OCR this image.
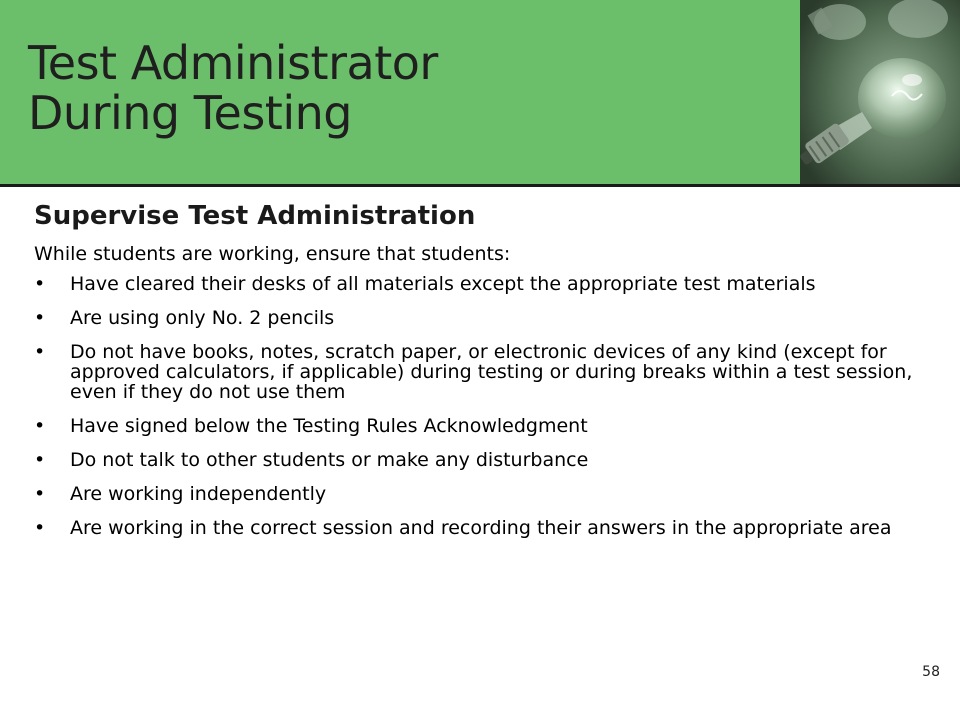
Test Administrator
During Testing
Supervise Test Administration

While students are working, ensure that students:

• Have cleared their desks of all materials except the appropriate test materials
• Are using only No. 2 pencils
• Do not have books, notes, scratch paper, or electronic devices of any kind (except for approved calculators, if applicable) during testing or during breaks within a test session, even if they do not use them
• Have signed below the Testing Rules Acknowledgment
• Do not talk to other students or make any disturbance
• Are working independently
• Are working in the correct session and recording their answers in the appropriate area
58
